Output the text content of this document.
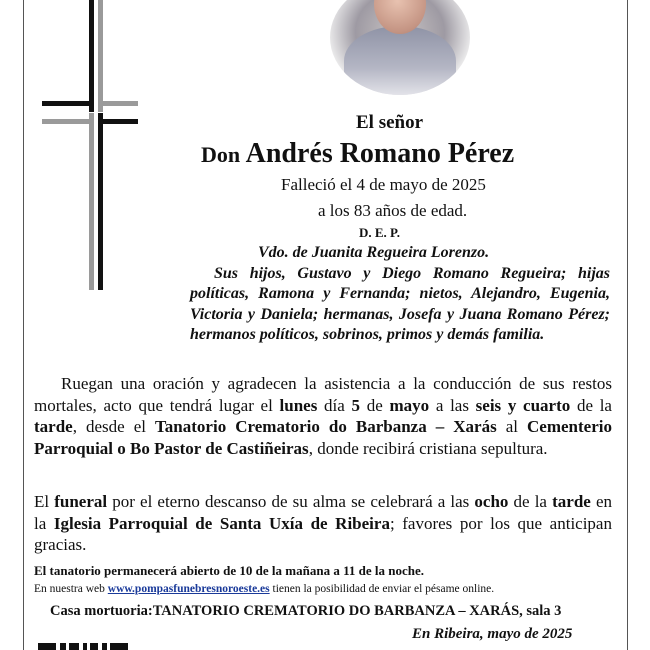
El señor
Don Andrés Romano Pérez
Falleció el 4 de mayo de 2025
a los 83 años de edad.
D. E. P.

Vdo. de Juanita Regueira Lorenzo.

Sus hijos, Gustavo y Diego Romano Regueira; hijas políticas, Ramona y Fernanda; nietos, Alejandro, Eugenia, Victoria y Daniela; hermanas, Josefa y Juana Romano Pérez; hermanos políticos, sobrinos, primos y demás familia.

Ruegan una oración y agradecen la asistencia a la conducción de sus restos mortales, acto que tendrá lugar el lunes día 5 de mayo a las seis y cuarto de la tarde, desde el Tanatorio Crematorio do Barbanza – Xarás al Cementerio Parroquial o Bo Pastor de Castiñeiras, donde recibirá cristiana sepultura.
El funeral por el eterno descanso de su alma se celebrará a las ocho de la tarde en la Iglesia Parroquial de Santa Uxía de Ribeira; favores por los que anticipan gracias.
El tanatorio permanecerá abierto de 10 de la mañana a 11 de la noche.
En nuestra web www.pompasfunebresnoroeste.es tienen la posibilidad de enviar el pésame online.
Casa mortuoria:TANATORIO CREMATORIO DO BARBANZA – XARÁS, sala 3
En Ribeira, mayo de 2025
